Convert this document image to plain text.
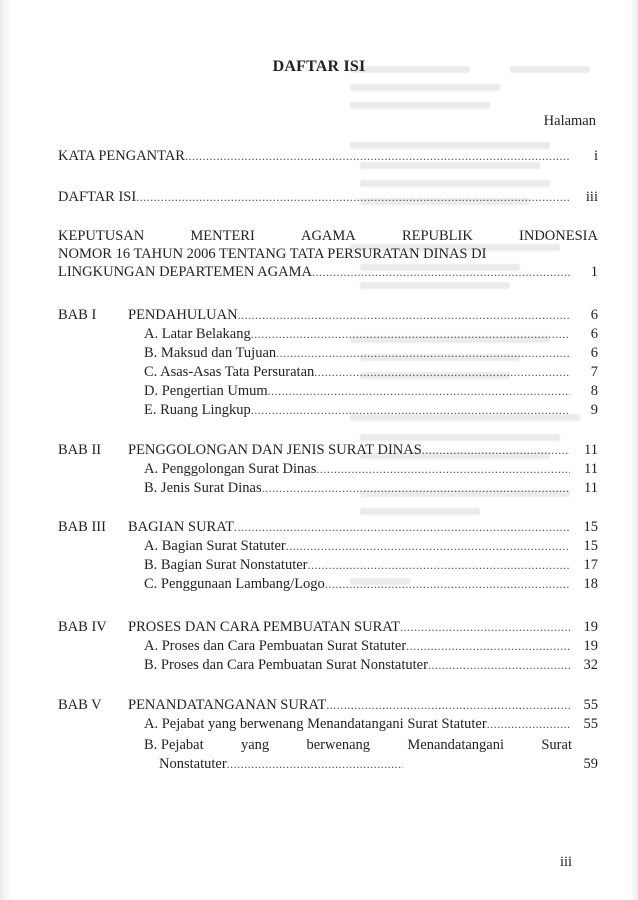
DAFTAR ISI
Halaman
KATA PENGANTAR .....	i
DAFTAR ISI .....	iii
KEPUTUSAN	MENTERI	AGAMA	REPUBLIK	INDONESIA
NOMOR 16 TAHUN 2006 TENTANG TATA PERSURATAN DINAS DI
LINGKUNGAN DEPARTEMEN AGAMA .....	1
BAB I PENDAHULUAN .....	6
A. Latar Belakang .....	6
B. Maksud dan Tujuan .....	6
C. Asas-Asas Tata Persuratan .....	7
D. Pengertian Umum .....	8
E. Ruang Lingkup .....	9
BAB II PENGGOLONGAN DAN JENIS SURAT DINAS .....	11
A. Penggolongan Surat Dinas .....	11
B. Jenis Surat Dinas .....	11
BAB III BAGIAN SURAT .....	15
A. Bagian Surat Statuter .....	15
B. Bagian Surat Nonstatuter .....	17
C. Penggunaan Lambang/Logo .....	18
BAB IV PROSES DAN CARA PEMBUATAN SURAT .....	19
A. Proses dan Cara Pembuatan Surat Statuter .....	19
B. Proses dan Cara Pembuatan Surat Nonstatuter .....	32
BAB V PENANDATANGANAN SURAT .....	55
A. Pejabat yang berwenang Menandatangani Surat Statuter .....	55
B. Pejabat	yang	berwenang	Menandatangani	Surat
Nonstatuter .....	59
iii
